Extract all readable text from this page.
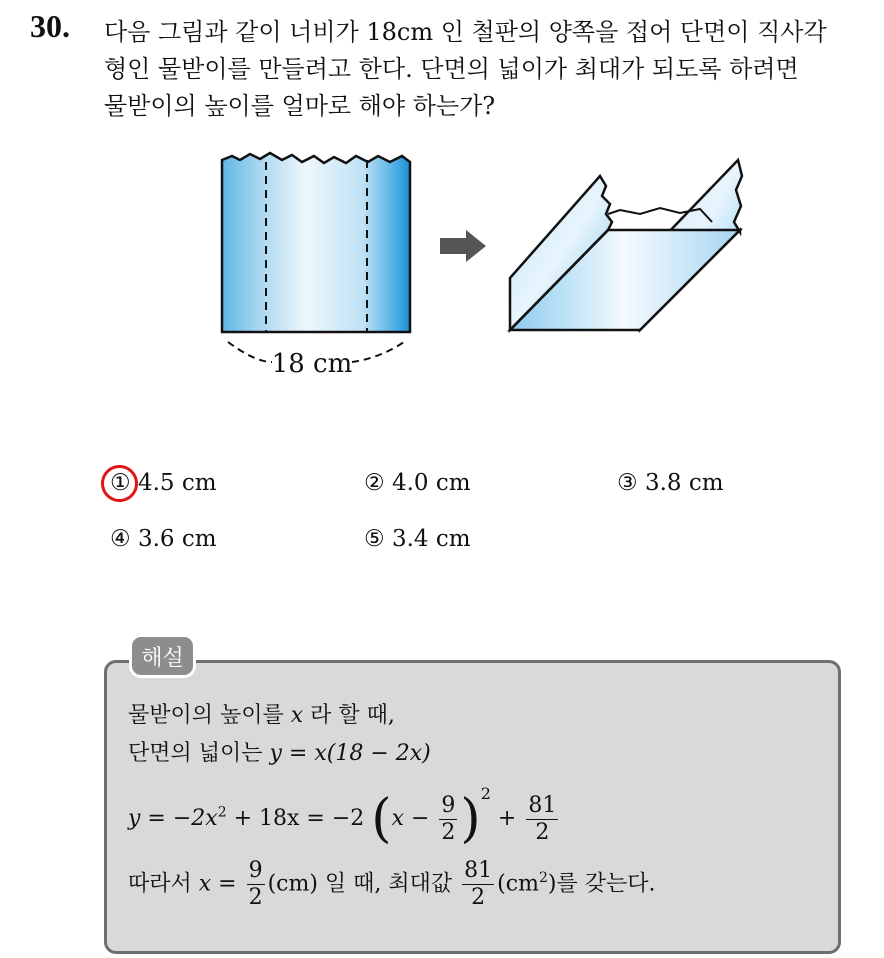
30. 다음 그림과 같이 너비가 18cm 인 철판의 양쪽을 접어 단면이 직사각
형인 물받이를 만들려고 한다. 단면의 넓이가 최대가 되도록 하려면
물받이의 높이를 얼마로 해야 하는가?
18 cm
① 4.5 cm	② 4.0 cm	③ 3.8 cm
④ 3.6 cm	⑤ 3.4 cm
해설
물받이의 높이를 x 라 할 때,
단면의 넓이는 y = x(18 − 2x)
$y = -2x^2 + 18x = -2$ $(x - \frac{9}{2} )^2 + \frac{81}{2}$
따라서 $x = \frac{9}{2} (cm)$ 일 때, 최대값 $\frac{81}{2} (cm^2)$를 갖는다.
